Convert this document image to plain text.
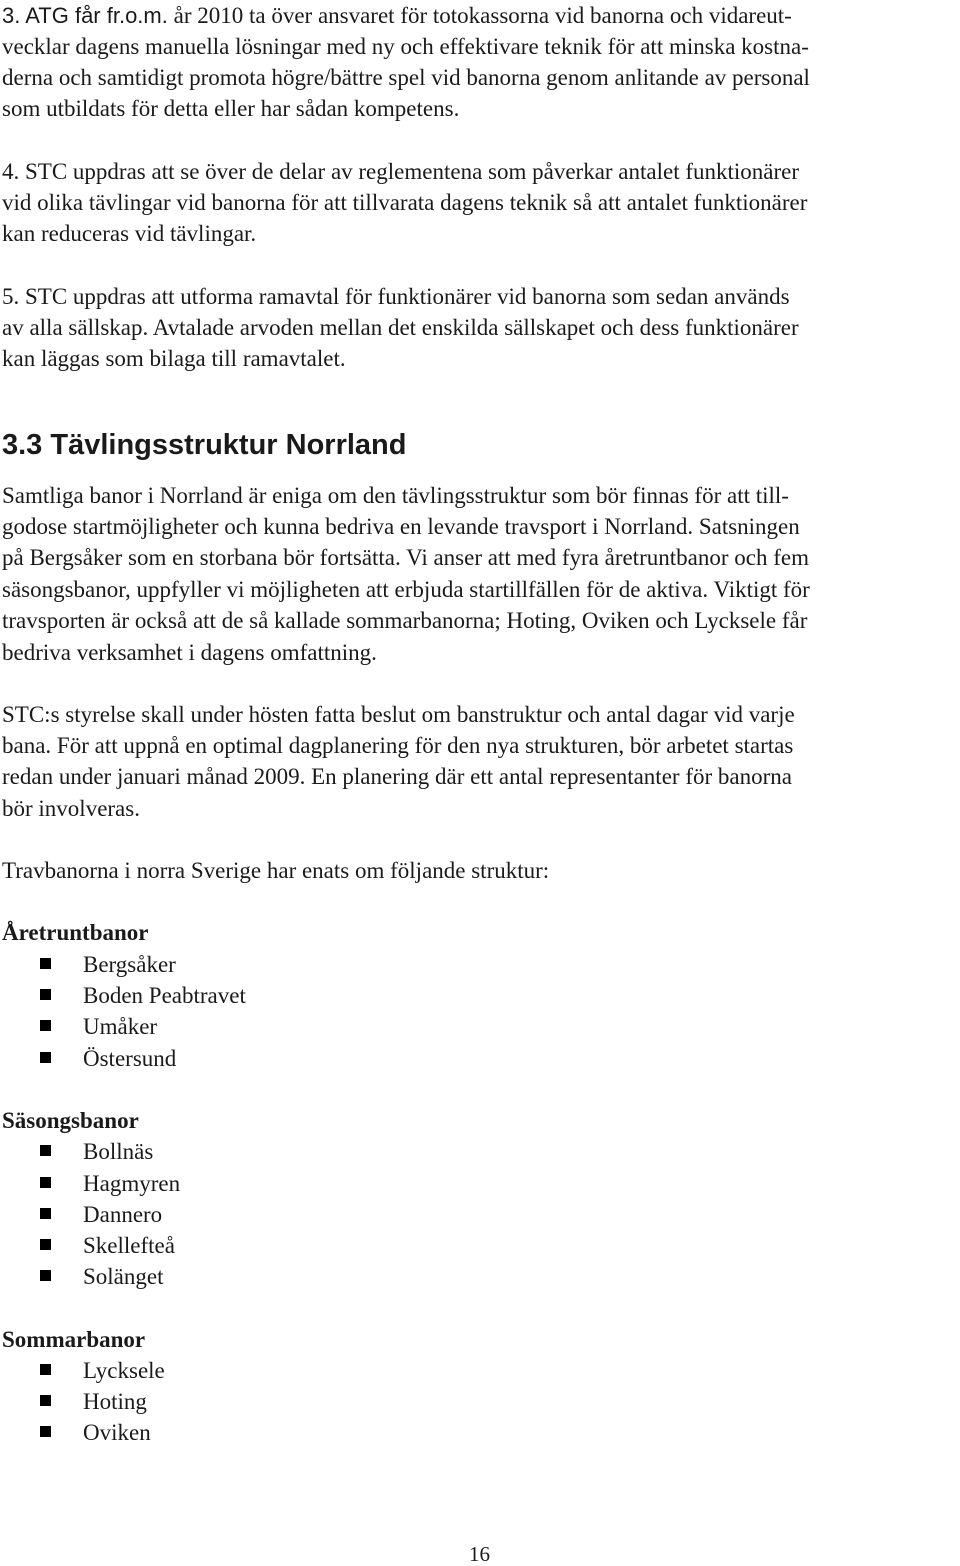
3. ATG får fr.o.m. år 2010 ta över ansvaret för totokassorna vid banorna och vidareut-
vecklar dagens manuella lösningar med ny och effektivare teknik för att minska kostna-
derna och samtidigt promota högre/bättre spel vid banorna genom anlitande av personal
som utbildats för detta eller har sådan kompetens.
4. STC uppdras att se över de delar av reglementena som påverkar antalet funktionärer
vid olika tävlingar vid banorna för att tillvarata dagens teknik så att antalet funktionärer
kan reduceras vid tävlingar.
5. STC uppdras att utforma ramavtal för funktionärer vid banorna som sedan används
av alla sällskap. Avtalade arvoden mellan det enskilda sällskapet och dess funktionärer
kan läggas som bilaga till ramavtalet.
3.3 Tävlingsstruktur Norrland
Samtliga banor i Norrland är eniga om den tävlingsstruktur som bör finnas för att till-
godose startmöjligheter och kunna bedriva en levande travsport i Norrland. Satsningen
på Bergsåker som en storbana bör fortsätta. Vi anser att med fyra åretruntbanor och fem
säsongsbanor, uppfyller vi möjligheten att erbjuda startillfällen för de aktiva. Viktigt för
travsporten är också att de så kallade sommarbanorna; Hoting, Oviken och Lycksele får
bedriva verksamhet i dagens omfattning.
STC:s styrelse skall under hösten fatta beslut om banstruktur och antal dagar vid varje
bana. För att uppnå en optimal dagplanering för den nya strukturen, bör arbetet startas
redan under januari månad 2009. En planering där ett antal representanter för banorna
bör involveras.
Travbanorna i norra Sverige har enats om följande struktur:
Åretruntbanor
Bergsåker
Boden Peabtravet
Umåker
Östersund
Säsongsbanor
Bollnäs
Hagmyren
Dannero
Skellefteå
Solänget
Sommarbanor
Lycksele
Hoting
Oviken
16
